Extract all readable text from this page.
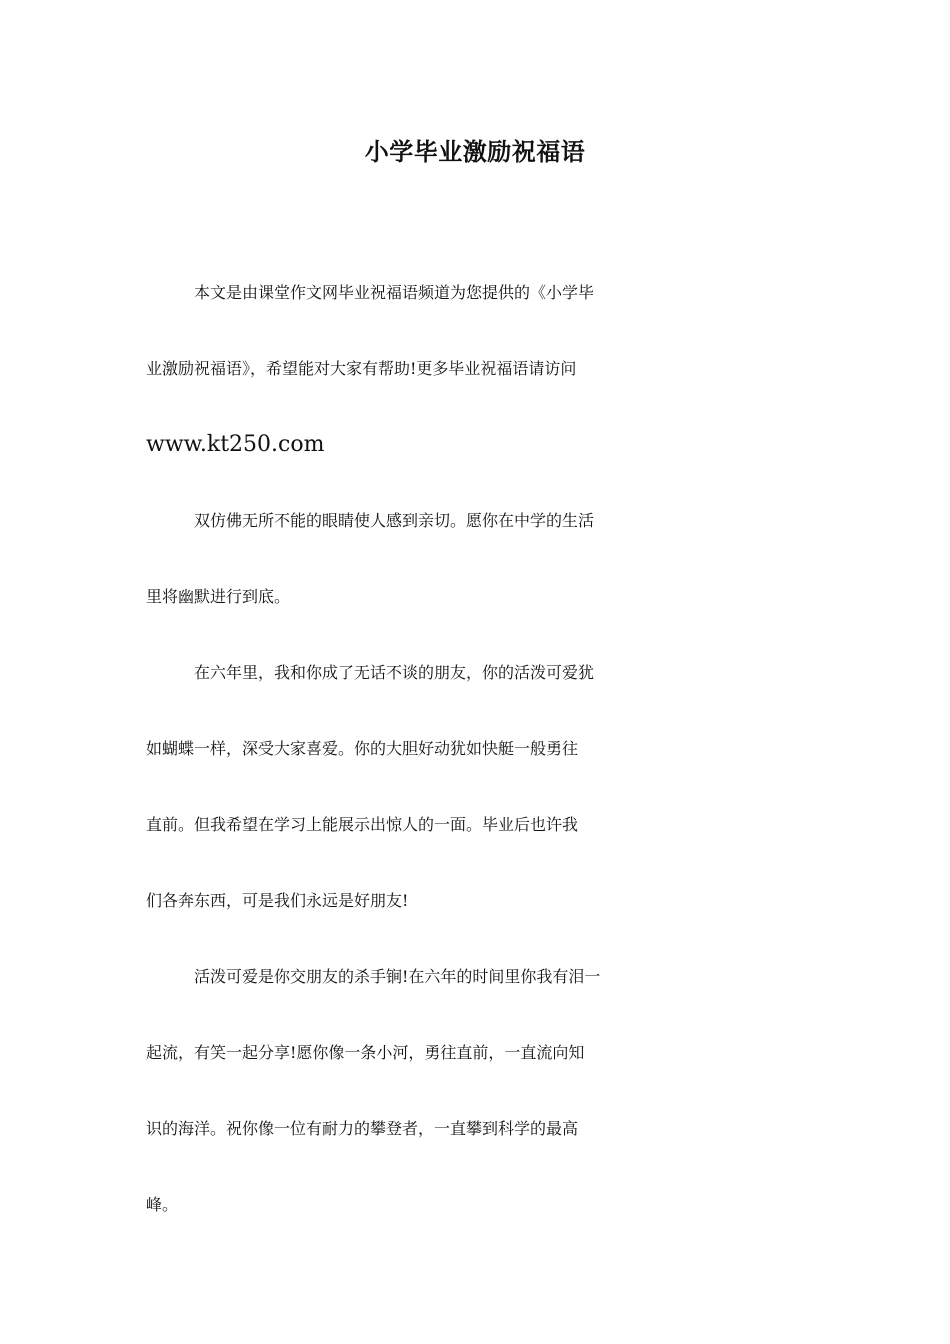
小学毕业激励祝福语
本文是由课堂作文网毕业祝福语频道为您提供的《小学毕
业激励祝福语》，希望能对大家有帮助!更多毕业祝福语请访问
www.kt250.com
双仿佛无所不能的眼睛使人感到亲切。愿你在中学的生活
里将幽默进行到底。
在六年里，我和你成了无话不谈的朋友，你的活泼可爱犹
如蝴蝶一样，深受大家喜爱。你的大胆好动犹如快艇一般勇往
直前。但我希望在学习上能展示出惊人的一面。毕业后也许我
们各奔东西，可是我们永远是好朋友!
活泼可爱是你交朋友的杀手锏!在六年的时间里你我有泪一
起流，有笑一起分享!愿你像一条小河，勇往直前，一直流向知
识的海洋。祝你像一位有耐力的攀登者，一直攀到科学的最高
峰。
